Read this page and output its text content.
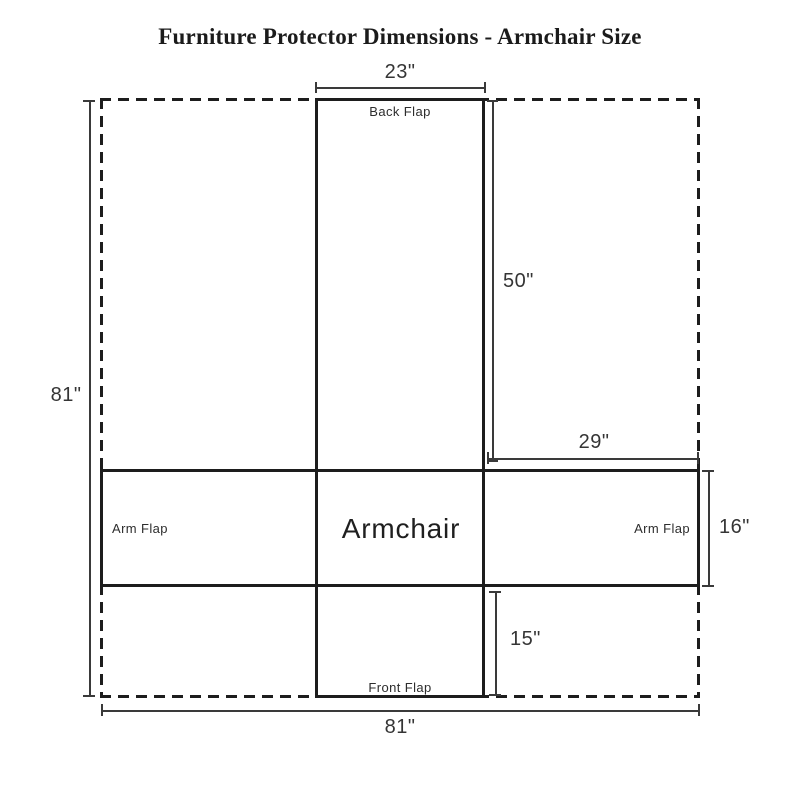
Furniture Protector Dimensions - Armchair Size
Back Flap
Front Flap
Arm Flap	Arm Flap
Armchair
23"
50"
29"
16"
15"
81"
81"
